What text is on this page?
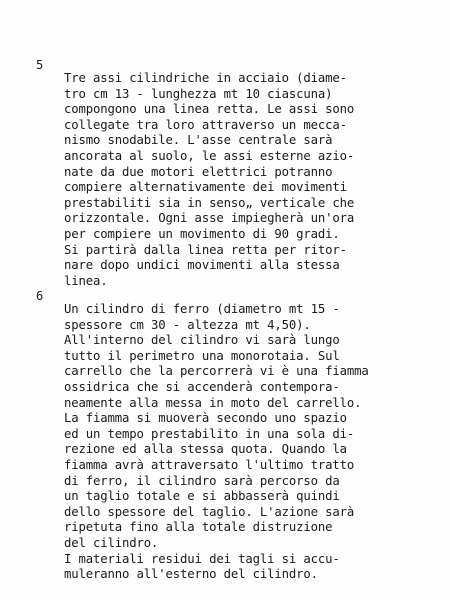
5
Tre assi cilindriche in acciaio (diame-
tro cm 13 - lunghezza mt 10 ciascuna)
compongono una linea retta. Le assi sono
collegate tra loro attraverso un mecca-
nismo snodabile. L'asse centrale sarà
ancorata al suolo, le assi esterne azio-
nate da due motori elettrici potranno
compiere alternativamente dei movimenti
prestabiliti sia in senso„ verticale che
orizzontale. Ogni asse impiegherà un'ora
per compiere un movimento di 90 gradi.
Si partirà dalla linea retta per ritor-
nare dopo undici movimenti alla stessa
linea.
6
Un cilindro di ferro (diametro mt 15 -
spessore cm 30 - altezza mt 4,50).
All'interno del cilindro vi sarà lungo
tutto il perimetro una monorotaia. Sul
carrello che la percorrerà vi è una fiamma
ossidrica che si accenderà contempora-
neamente alla messa in moto del carrello.
La fiamma si muoverà secondo uno spazio
ed un tempo prestabilito in una sola di-
rezione ed alla stessa quota. Quando la
fiamma avrà attraversato l'ultimo tratto
di ferro, il cilindro sarà percorso da
un taglio totale e si abbasserà quindi
dello spessore del taglio. L'azione sarà
ripetuta fino alla totale distruzione
del cilindro.
I materiali residui dei tagli si accu-
muleranno all'esterno del cilindro.
